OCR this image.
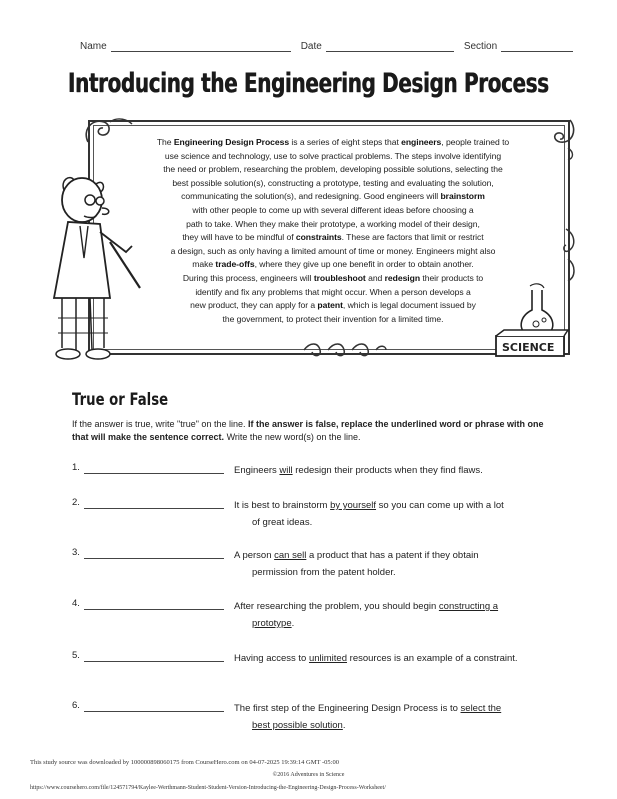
Name	Date	Section
Introducing the Engineering Design Process
The Engineering Design Process is a series of eight steps that engineers, people trained to
use science and technology, use to solve practical problems. The steps involve identifying
the need or problem, researching the problem, developing possible solutions, selecting the
best possible solution(s), constructing a prototype, testing and evaluating the solution,
communicating the solution(s), and redesigning. Good engineers will brainstorm
with other people to come up with several different ideas before choosing a
path to take. When they make their prototype, a working model of their design,
they will have to be mindful of constraints. These are factors that limit or restrict
a design, such as only having a limited amount of time or money. Engineers might also
make trade-offs, where they give up one benefit in order to obtain another.
During this process, engineers will troubleshoot and redesign their products to
identify and fix any problems that might occur. When a person develops a
new product, they can apply for a patent, which is legal document issued by
the government, to protect their invention for a limited time.
SCIENCE
True or False
If the answer is true, write "true" on the line. If the answer is false, replace the underlined word or phrase with one that will make the sentence correct. Write the new word(s) on the line.
1.	Engineers will redesign their products when they find flaws.
2.	It is best to brainstorm by yourself so you can come up with a lot
of great ideas.
3.	A person can sell a product that has a patent if they obtain
permission from the patent holder.
4.	After researching the problem, you should begin constructing a
prototype.
5.	Having access to unlimited resources is an example of a constraint.
6.	The first step of the Engineering Design Process is to select the
best possible solution.
This study source was downloaded by 100000898060175 from CourseHero.com on 04-07-2025 19:39:14 GMT -05:00
©2016 Adventures in Science
https://www.coursehero.com/file/124571794/Kaylee-Werthmann-Student-Student-Version-Introducing-the-Engineering-Design-Process-Worksheet/
